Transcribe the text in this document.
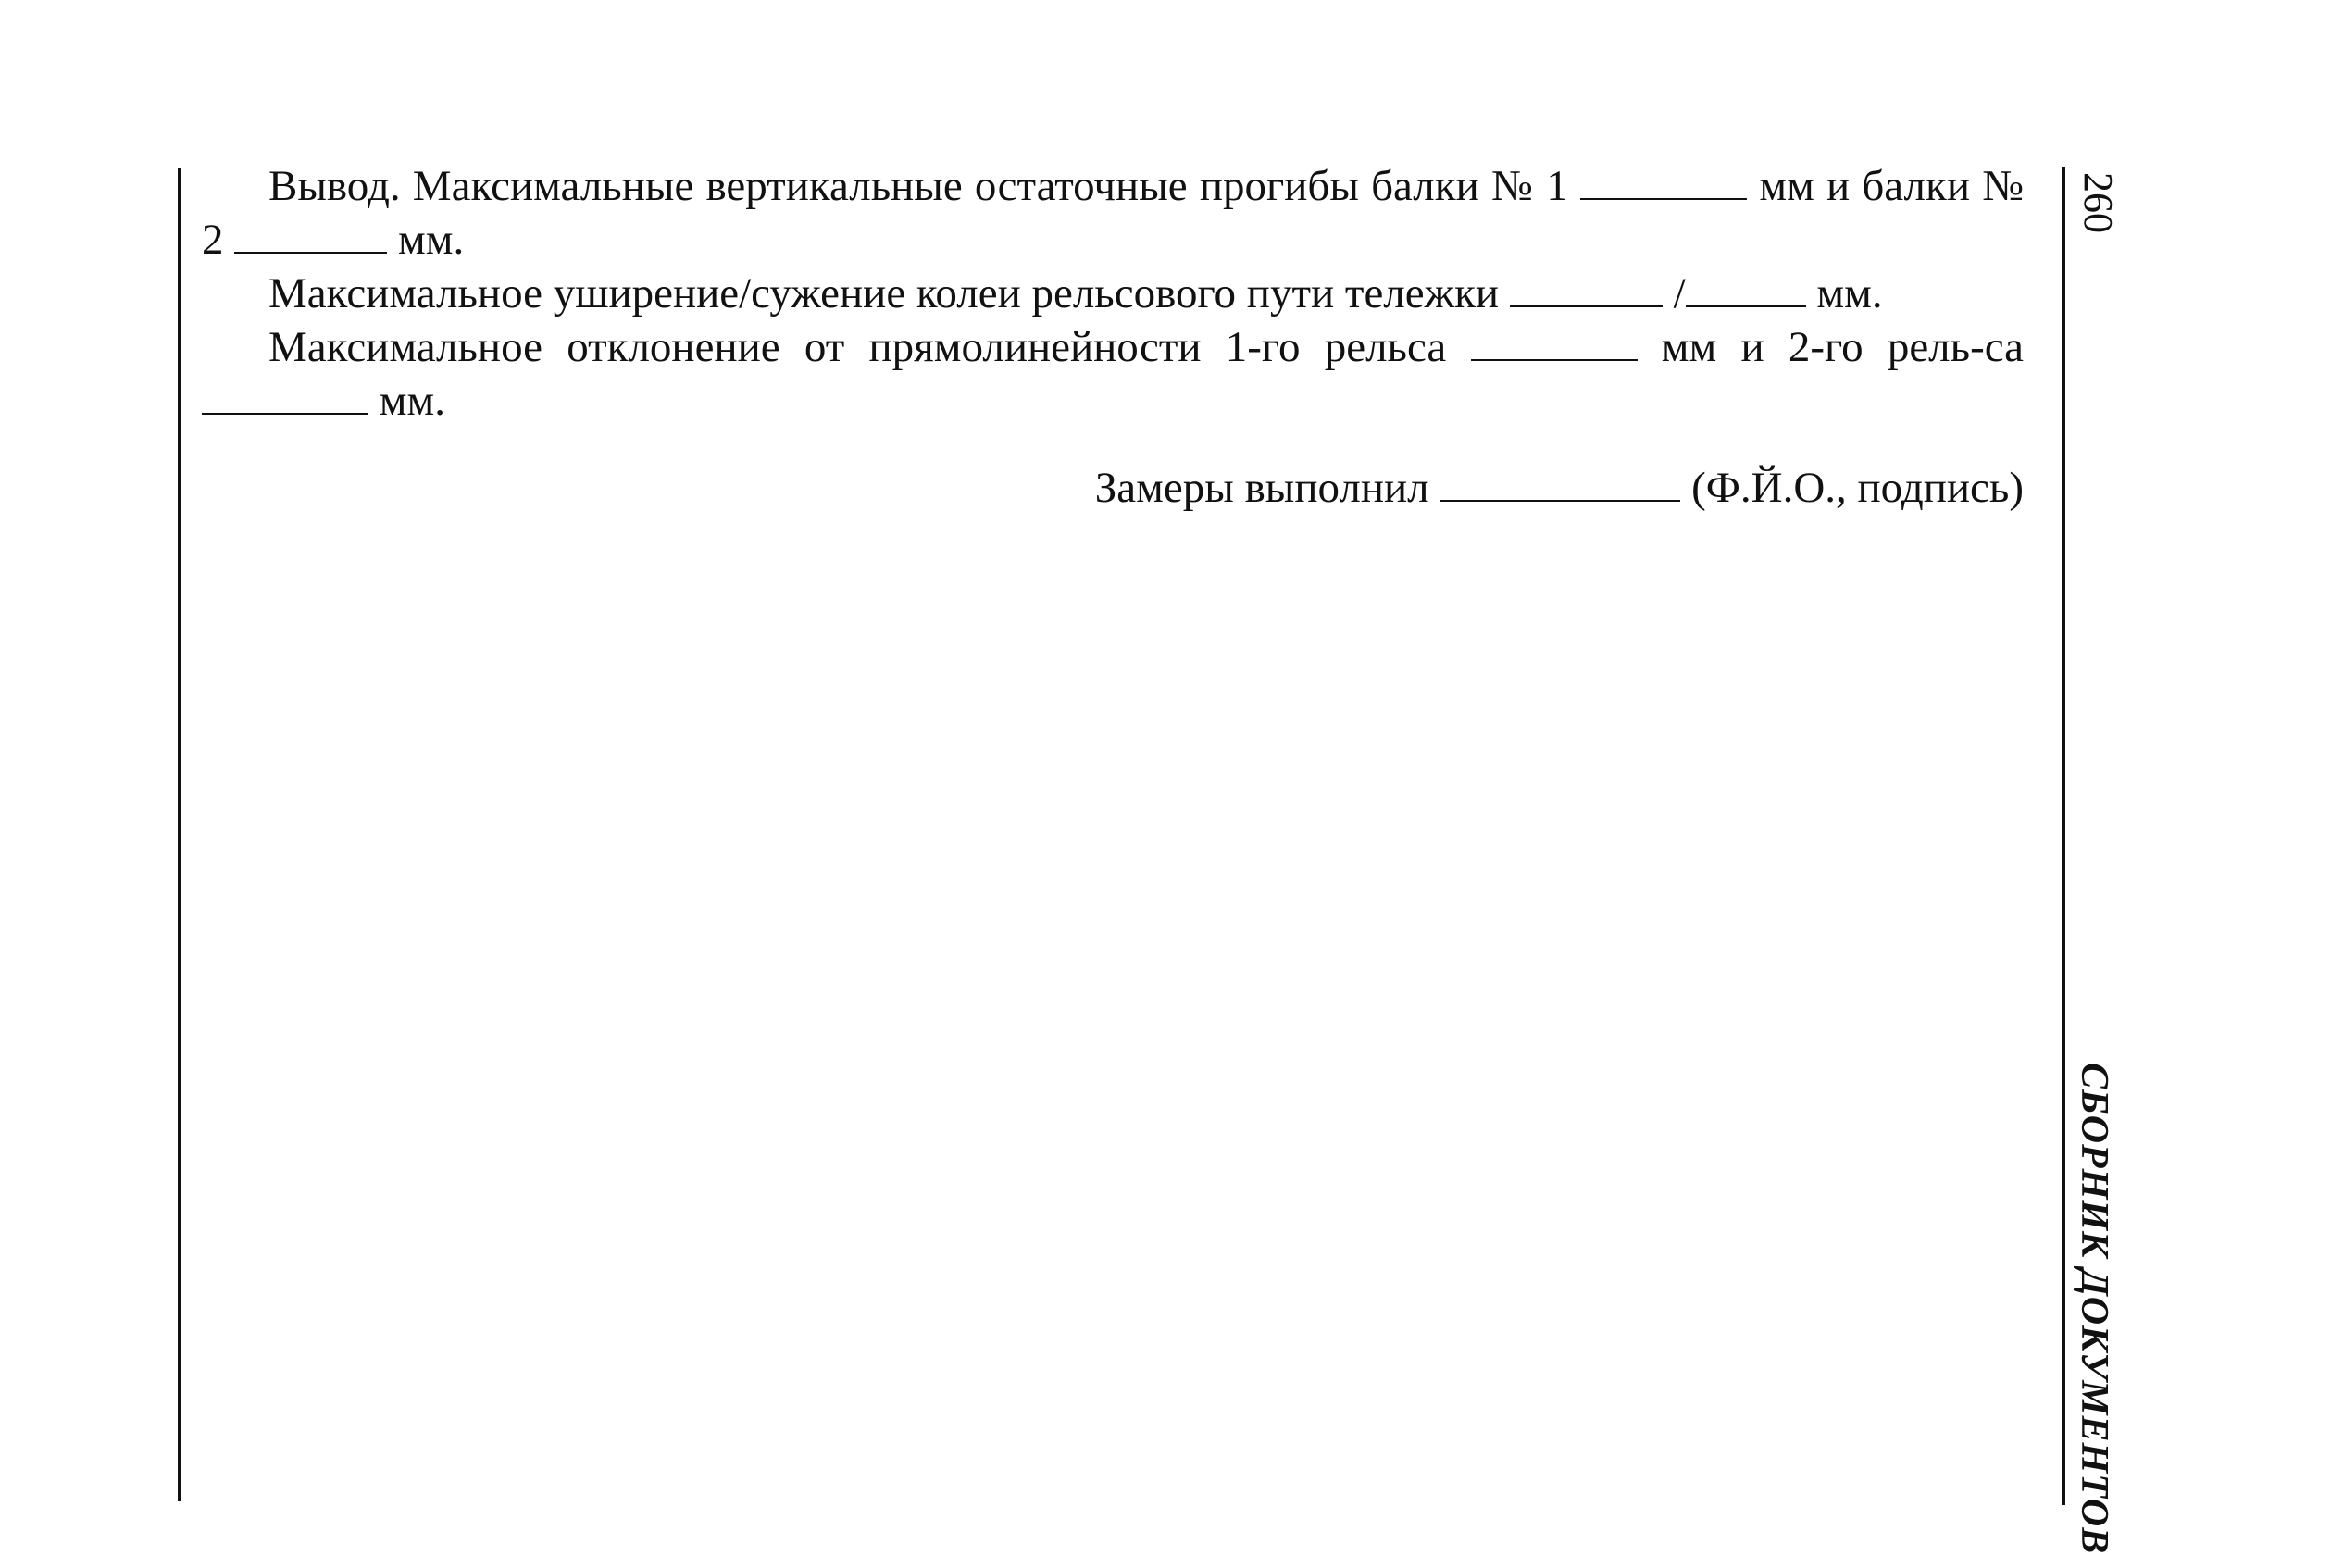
Вывод. Максимальные вертикальные остаточные прогибы балки № 1	мм и балки № 2	мм.

Максимальное уширение/сужение колеи рельсового пути тележки	/	мм.

Максимальное отклонение от прямолинейности 1-го рельса	мм и 2-го рель-са  мм.

Замеры выполнил	(Ф.Й.О., подпись)
260
СБОРНИК ДОКУМЕНТОВ
